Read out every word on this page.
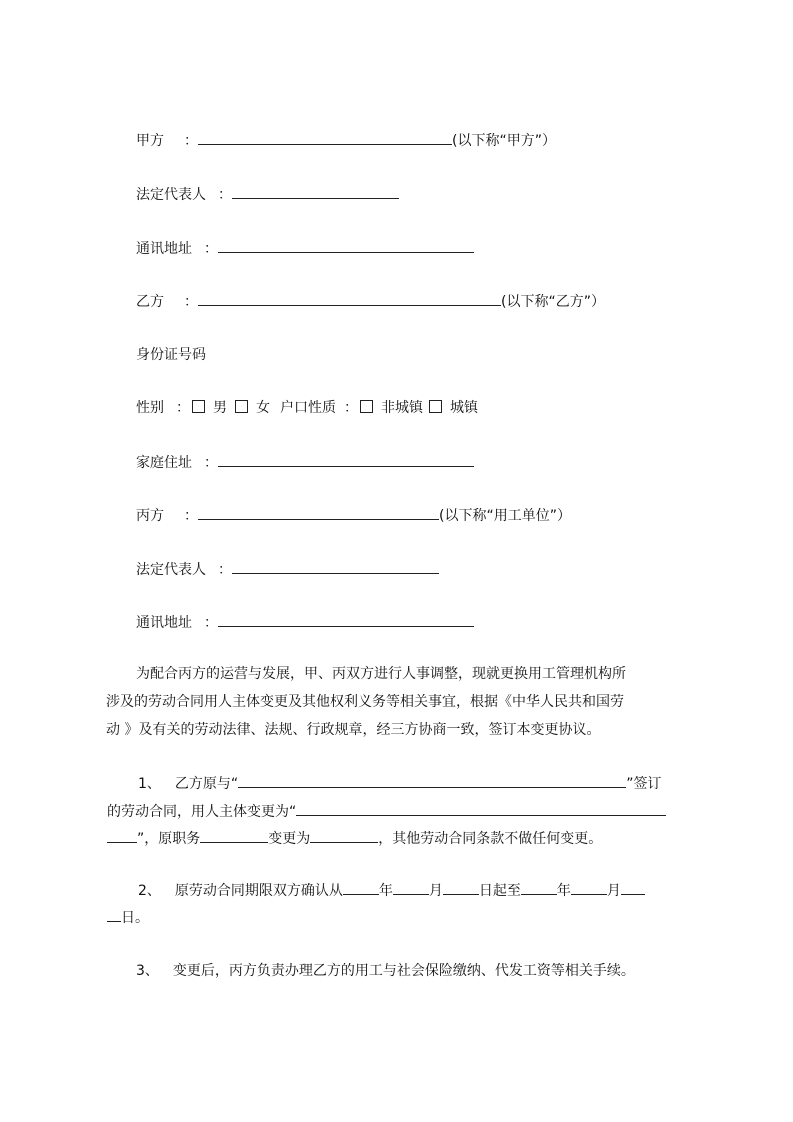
甲方 ：	(以下称“甲方”）
法定代表人 ：
通讯地址 ：
乙方 ：	(以下称“乙方”）
身份证号码
性别 ： 男 女 户口性质 ： 非城镇 城镇
家庭住址 ：
丙方 ：	(以下称“用工单位”）
法定代表人 ：
通讯地址 ：
为配合丙方的运营与发展，甲、丙双方进行人事调整，现就更换用工管理机构所
涉及的劳动合同用人主体变更及其他权利义务等相关事宜，根据《中华人民共和国劳
动 》及有关的劳动法律、法规、行政规章，经三方协商一致，签订本变更协议。
1、 乙方原与“	”签订
的劳动合同，用人主体变更为“
”，原职务	变更为	，其他劳动合同条款不做任何变更。
2、 原劳动合同期限双方确认从	年	月	日起至	年	月
日。
3、 变更后，丙方负责办理乙方的用工与社会保险缴纳、代发工资等相关手续。
